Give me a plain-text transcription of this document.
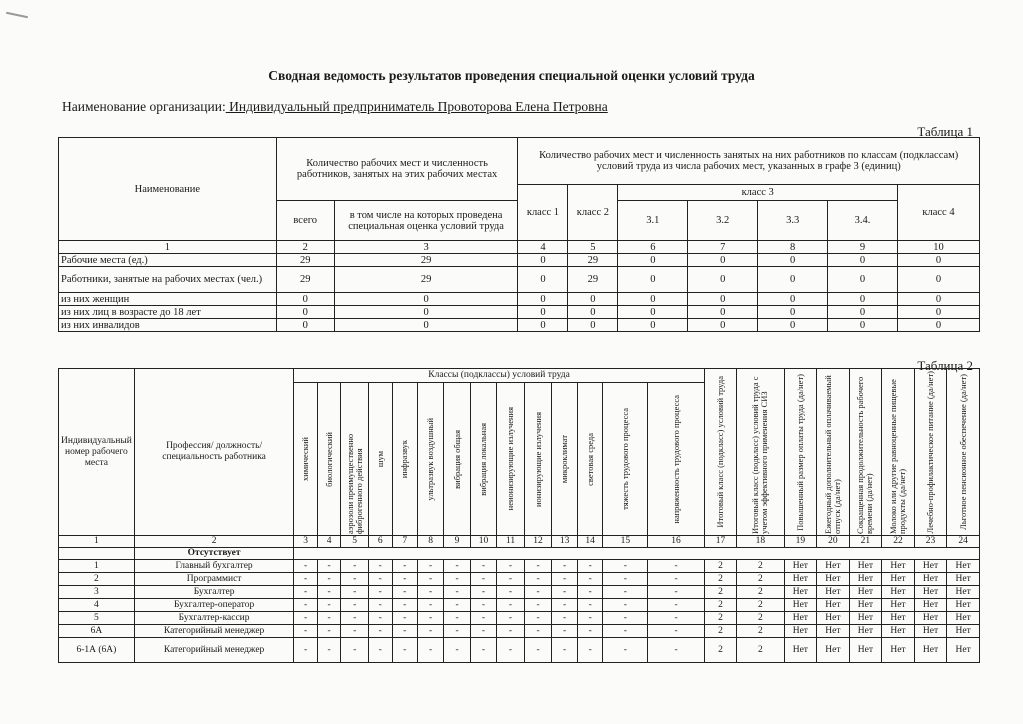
Сводная ведомость результатов проведения специальной оценки условий труда
Наименование организации: Индивидуальный предприниматель Провоторова Елена Петровна
Таблица 1
Наименование	Количество рабочих мест и численность работников, занятых на этих рабочих местах		Количество рабочих мест и численность занятых на них работников по классам (подклассам) условий труда из числа рабочих мест, указанных в графе 3 (единиц)						
			класс 1	класс 2	класс 3				класс 4
	всего	в том числе на которых проведена специальная оценка условий труда			3.1	3.2	3.3	3.4.	
1	2	3	4	5	6	7	8	9	10
Рабочие места (ед.)	29	29	0	29	0	0	0	0	0
Работники, занятые на рабочих местах (чел.)	29	29	0	29	0	0	0	0	0
из них женщин	0	0	0	0	0	0	0	0	0
из них лиц в возрасте до 18 лет	0	0	0	0	0	0	0	0	0
из них инвалидов	0	0	0	0	0	0	0	0	0
Таблица 2
Индивидуальный номер рабочего места	Профессия/ должность/ специальность работника	Классы (подклассы) условий труда														Итоговый класс (подкласс) условий труда	Итоговый класс (подкласс) условий труда с учетом эффективного применения СИЗ	Повышенный размер оплаты труда (да/нет)	Ежегодный дополнительный оплачиваемый отпуск (да/нет)	Сокращенная продолжительность рабочего времени (да/нет)	Молоко или другие равноценные пищевые продукты (да/нет)	Лечебно-профилактическое питание (да/нет)	Льготное пенсионное обеспечение (да/нет)

		химический	биологический	аэрозоли преимущественно фиброгенного действия	шум	инфразвук	ультразвук воздушный	вибрация общая	вибрация локальная	неионизирующие излучения	ионизирующие излучения	микроклимат	световая среда	тяжесть трудового процесса	напряженность трудового процесса								

1	2	3	4	5	6	7	8	9	10	11	12	13	14	15	16	17	18	19	20	21	22	23	24
	Отсутствует																						
1	Главный бухгалтер	-	-	-	-	-	-	-	-	-	-	-	-	-	-	2	2	Нет	Нет	Нет	Нет	Нет	Нет
2	Программист	-	-	-	-	-	-	-	-	-	-	-	-	-	-	2	2	Нет	Нет	Нет	Нет	Нет	Нет
3	Бухгалтер	-	-	-	-	-	-	-	-	-	-	-	-	-	-	2	2	Нет	Нет	Нет	Нет	Нет	Нет
4	Бухгалтер-оператор	-	-	-	-	-	-	-	-	-	-	-	-	-	-	2	2	Нет	Нет	Нет	Нет	Нет	Нет
5	Бухгалтер-кассир	-	-	-	-	-	-	-	-	-	-	-	-	-	-	2	2	Нет	Нет	Нет	Нет	Нет	Нет
6А	Категорийный менеджер	-	-	-	-	-	-	-	-	-	-	-	-	-	-	2	2	Нет	Нет	Нет	Нет	Нет	Нет
6-1А (6А)	Категорийный менеджер	-	-	-	-	-	-	-	-	-	-	-	-	-	-	2	2	Нет	Нет	Нет	Нет	Нет	Нет
